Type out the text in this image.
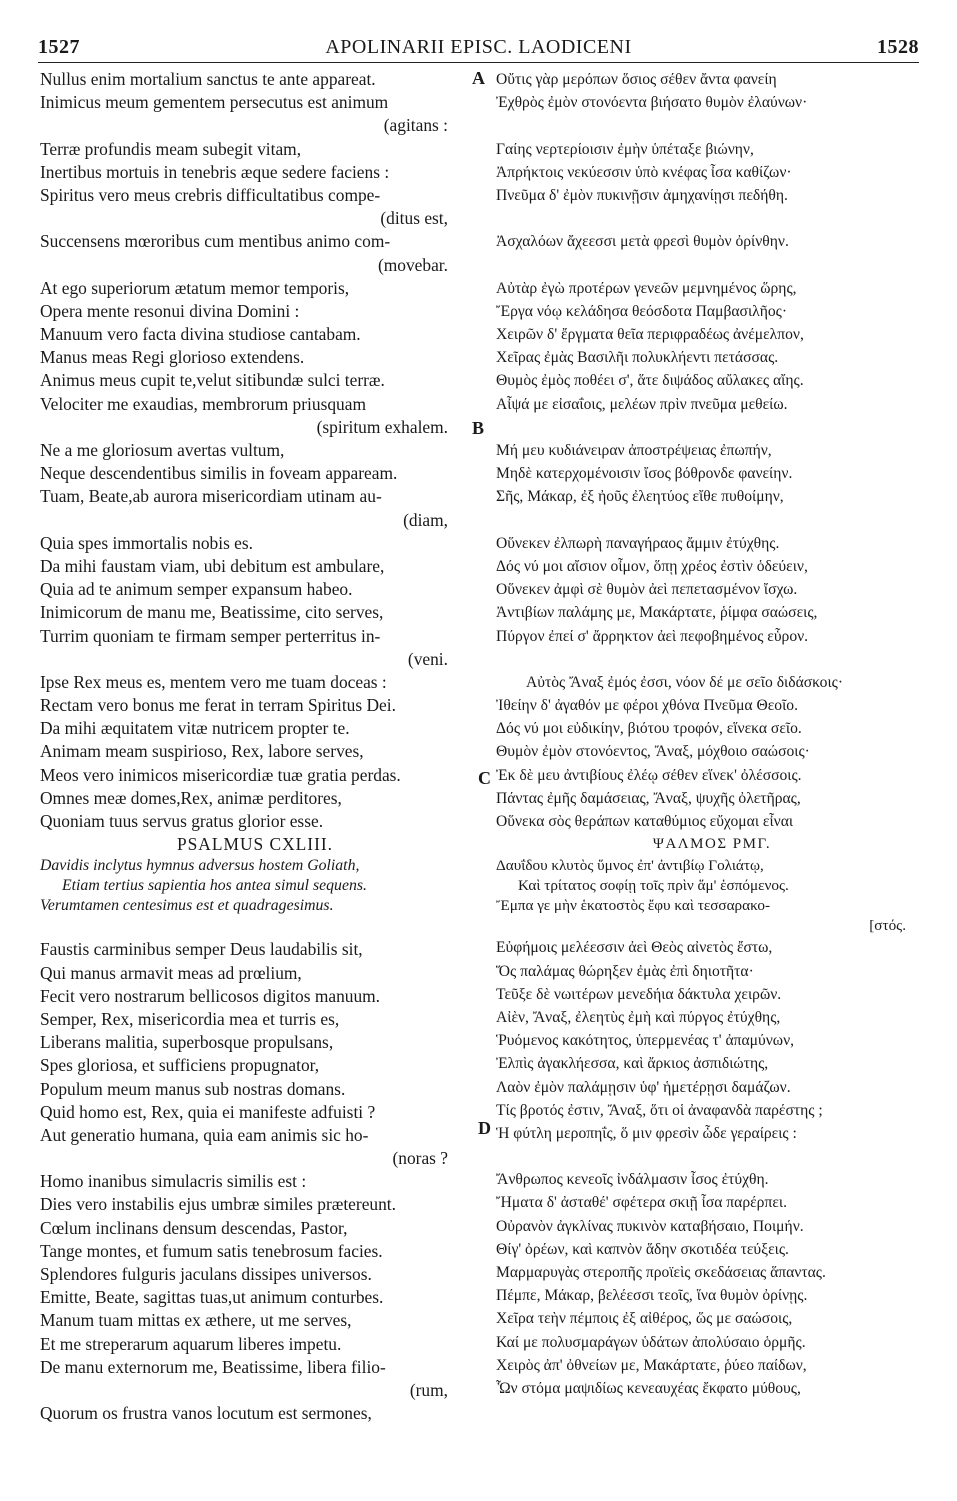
1527	APOLINARII EPISC. LAODICENI	1528
A
B
C
D
Nullus enim mortalium sanctus te ante appareat.
Inimicus meum gementem persecutus est animum
(agitans :
Terræ profundis meam subegit vitam,
Inertibus mortuis in tenebris æque sedere faciens :
Spiritus vero meus crebris difficultatibus compe-
(ditus est,
Succensens mœroribus cum mentibus animo com-
(movebar.
At ego superiorum ætatum memor temporis,
Opera mente resonui divina Domini :
Manuum vero facta divina studiose cantabam.
Manus meas Regi glorioso extendens.
Animus meus cupit te,velut sitibundæ sulci terræ.
Velociter me exaudias, membrorum priusquam
(spiritum exhalem.
Ne a me gloriosum avertas vultum,
Neque descendentibus similis in foveam appaream.
Tuam, Beate,ab aurora misericordiam utinam au-
(diam,
Quia spes immortalis nobis es.
Da mihi faustam viam, ubi debitum est ambulare,
Quia ad te animum semper expansum habeo.
Inimicorum de manu me, Beatissime, cito serves,
Turrim quoniam te firmam semper perterritus in-
(veni.
Ipse Rex meus es, mentem vero me tuam doceas :
Rectam vero bonus me ferat in terram Spiritus Dei.
Da mihi æquitatem vitæ nutricem propter te.
Animam meam suspirioso, Rex, labore serves,
Meos vero inimicos misericordiæ tuæ gratia perdas.
Omnes meæ domes,Rex, animæ perditores,
Quoniam tuus servus gratus glorior esse.
PSALMUS CXLIII.
Davidis inclytus hymnus adversus hostem Goliath,
Etiam tertius sapientia hos antea simul sequens.
Verumtamen centesimus est et quadragesimus.
Faustis carminibus semper Deus laudabilis sit,
Qui manus armavit meas ad prœlium,
Fecit vero nostrarum bellicosos digitos manuum.
Semper, Rex, misericordia mea et turris es,
Liberans malitia, superbosque propulsans,
Spes gloriosa, et sufficiens propugnator,
Populum meum manus sub nostras domans.
Quid homo est, Rex, quia ei manifeste adfuisti ?
Aut generatio humana, quia eam animis sic ho-
(noras ?
Homo inanibus simulacris similis est :
Dies vero instabilis ejus umbræ similes prætereunt.
Cœlum inclinans densum descendas, Pastor,
Tange montes, et fumum satis tenebrosum facies.
Splendores fulguris jaculans dissipes universos.
Emitte, Beate, sagittas tuas,ut animum conturbes.
Manum tuam mittas ex æthere, ut me serves,
Et me streperarum aquarum liberes impetu.
De manu externorum me, Beatissime, libera filio-
(rum,
Quorum os frustra vanos locutum est sermones,
Οὔτις γὰρ μερόπων ὅσιος σέθεν ἄντα φανείη
Ἐχθρὸς ἐμὸν στονόεντα βιήσατο θυμὸν ἐλαύνων·
Γαίης νερτερίοισιν ἐμὴν ὑπέταξε βιώνην,
Ἀπρήκτοις νεκύεσσιν ὑπὸ κνέφας ἶσα καθίζων·
Πνεῦμα δ' ἐμὸν πυκινῇσιν ἀμηχανίῃσι πεδήθη.
Ἀσχαλόων ἄχεεσσι μετὰ φρεσὶ θυμὸν ὀρίνθην.
Αὐτὰρ ἐγὼ προτέρων γενεῶν μεμνημένος ὥρης,
Ἔργα νόῳ κελάδησα θεόσδοτα Παμβασιλῆος·
Χειρῶν δ' ἔργματα θεῖα περιφραδέως ἀνέμελπον,
Χεῖρας ἐμὰς Βασιλῆι πολυκλήεντι πετάσσας.
Θυμὸς ἐμὸς ποθέει σ', ἅτε διψάδος αὔλακες αἴης.
Αἶψά με εἰσαΐοις, μελέων πρὶν πνεῦμα μεθείω.
Μή μευ κυδιάνειραν ἀποστρέψειας ἐπωπήν,
Μηδὲ κατερχομένοισιν ἴσος βόθρονδε φανείην.
Σῆς, Μάκαρ, ἐξ ἠοῦς ἐλεητύος εἴθε πυθοίμην,
Οὕνεκεν ἐλπωρὴ παναγήραος ἄμμιν ἐτύχθης.
Δός νύ μοι αἴσιον οἶμον, ὅπῃ χρέος ἐστὶν ὁδεύειν,
Οὕνεκεν ἀμφὶ σὲ θυμὸν ἀεὶ πεπετασμένον ἴσχω.
Ἀντιβίων παλάμης με, Μακάρτατε, ῥίμφα σαώσεις,
Πύργον ἐπεί σ' ἄρρηκτον ἀεὶ πεφοβημένος εὗρον.
Αὐτὸς Ἄναξ ἐμός ἐσσι, νόον δέ με σεῖο διδάσκοις·
Ἰθείην δ' ἀγαθόν με φέροι χθόνα Πνεῦμα Θεοῖο.
Δός νύ μοι εὐδικίην, βιότου τροφόν, εἵνεκα σεῖο.
Θυμὸν ἐμὸν στονόεντος, Ἄναξ, μόχθοιο σαώσοις·
Ἐκ δὲ μευ ἀντιβίους ἐλέῳ σέθεν εἵνεκ' ὀλέσσοις.
Πάντας ἐμῆς δαμάσειας, Ἄναξ, ψυχῆς ὀλετῆρας,
Οὕνεκα σὸς θεράπων καταθύμιος εὔχομαι εἶναι
ΨΑΛΜΟΣ ΡΜΓ.
Δαυΐδου κλυτὸς ὕμνος ἐπ' ἀντιβίῳ Γολιάτῳ,
Καὶ τρίτατος σοφίῃ τοῖς πρὶν ἅμ' ἑσπόμενος.
Ἔμπα γε μὴν ἑκατοστὸς ἔφυ καὶ τεσσαρακο-
[στός.
Εὐφήμοις μελέεσσιν ἀεὶ Θεὸς αἰνετὸς ἔστω,
Ὅς παλάμας θώρηξεν ἐμὰς ἐπὶ δηιοτῆτα·
Τεῦξε δὲ νωιτέρων μενεδήια δάκτυλα χειρῶν.
Αἰὲν, Ἄναξ, ἐλεητὺς ἐμὴ καὶ πύργος ἐτύχθης,
Ῥυόμενος κακότητος, ὑπερμενέας τ' ἀπαμύνων,
Ἐλπὶς ἀγακλήεσσα, καὶ ἄρκιος ἀσπιδιώτης,
Λαὸν ἐμὸν παλάμῃσιν ὑφ' ἡμετέρῃσι δαμάζων.
Τίς βροτός ἐστιν, Ἄναξ, ὅτι οἱ ἀναφανδὰ παρέστης ;
Ἡ φύτλη μεροπηΐς, ὅ μιν φρεσὶν ὧδε γεραίρεις :
Ἄνθρωπος κενεοῖς ἰνδάλμασιν ἶσος ἐτύχθη.
Ἤματα δ' ἀσταθέ' σφέτερα σκιῇ ἶσα παρέρπει.
Οὐρανὸν ἀγκλίνας πυκινὸν καταβήσαιο, Ποιμήν.
Θίγ' ὀρέων, καὶ καπνὸν ἅδην σκοτιδέα τεύξεις.
Μαρμαρυγὰς στεροπῆς προϊεὶς σκεδάσειας ἅπαντας.
Πέμπε, Μάκαρ, βελέεσσι τεοῖς, ἵνα θυμὸν ὀρίνῃς.
Χεῖρα τεὴν πέμποις ἐξ αἰθέρος, ὥς με σαώσοις,
Καί με πολυσμαράγων ὑδάτων ἀπολύσαιο ὁρμῆς.
Χειρὸς ἀπ' ὀθνείων με, Μακάρτατε, ῥύεο παίδων,
Ὧν στόμα μαψιδίως κενεαυχέας ἔκφατο μύθους,
